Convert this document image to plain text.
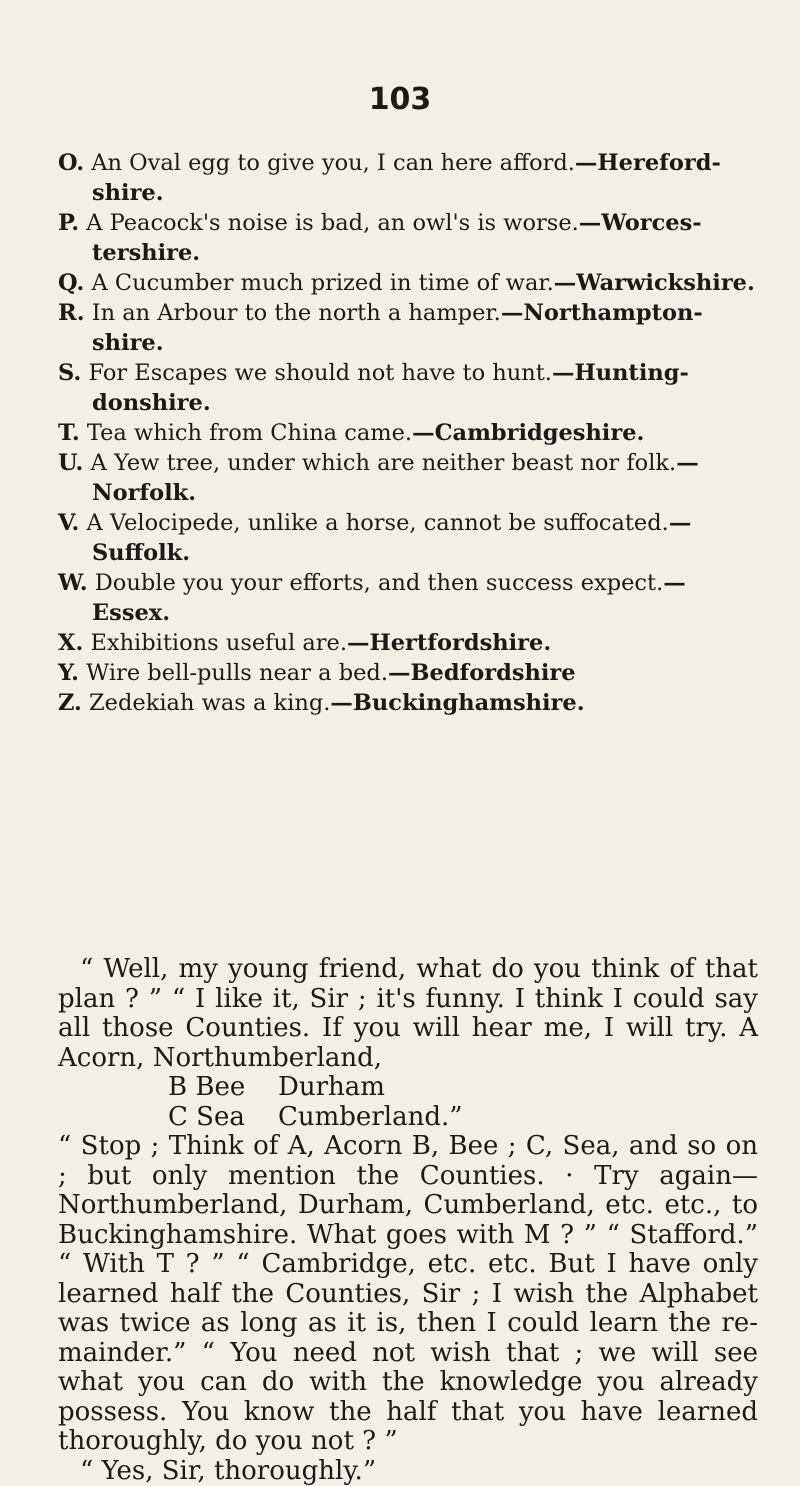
103

O. An Oval egg to give you, I can here afford.—Hereford-shire.

P. A Peacock's noise is bad, an owl's is worse.—Worces-tershire.

Q. A Cucumber much prized in time of war.—Warwickshire.

R. In an Arbour to the north a hamper.—Northampton-shire.

S. For Escapes we should not have to hunt.—Hunting-donshire.

T. Tea which from China came.—Cambridgeshire.

U. A Yew tree, under which are neither beast nor folk.— Norfolk.

V. A Velocipede, unlike a horse, cannot be suffocated.— Suffolk.

W. Double you your efforts, and then success expect.— Essex.

X. Exhibitions useful are.—Hertfordshire.

Y. Wire bell-pulls near a bed.—Bedfordshire

Z. Zedekiah was a king.—Buckinghamshire.

“ Well, my young friend, what do you think of that plan ? ” “ I like it, Sir ; it's funny. I think I could say all those Counties. If you will hear me, I will try. A Acorn, Northumberland,

B Bee Durham

C Sea Cumberland.”

“ Stop ; Think of A, Acorn B, Bee ; C, Sea, and so on ; but only mention the Counties. · Try again— Northumberland, Durham, Cumberland, etc. etc., to Buckinghamshire. What goes with M ? ” “ Stafford.” “ With T ? ” “ Cambridge, etc. etc. But I have only learned half the Counties, Sir ; I wish the Alphabet was twice as long as it is, then I could learn the re-mainder.” “ You need not wish that ; we will see what you can do with the knowledge you already possess. You know the half that you have learned thoroughly, do you not ? ”

“ Yes, Sir, thoroughly.”
